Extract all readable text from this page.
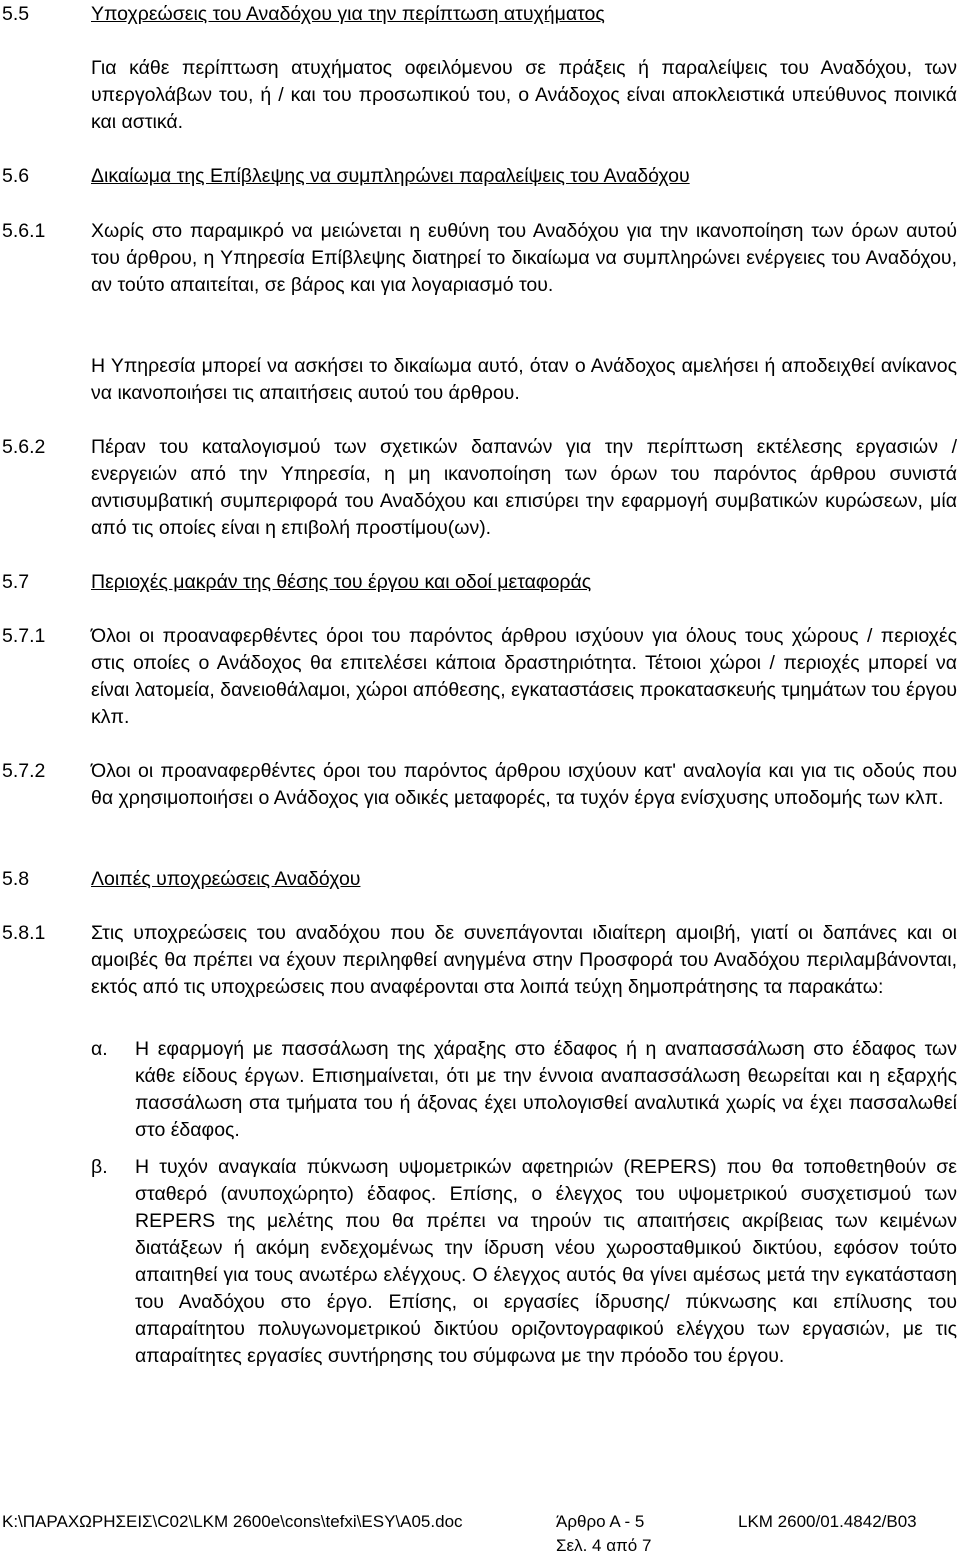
5.5	Υποχρεώσεις του Αναδόχου για την περίπτωση ατυχήματος
Για κάθε περίπτωση ατυχήματος οφειλόμενου σε πράξεις ή παραλείψεις του Αναδόχου, των υπεργολάβων του, ή / και του προσωπικού του, ο Ανάδοχος είναι αποκλειστικά υπεύθυνος ποινικά και αστικά.
5.6	Δικαίωμα της Επίβλεψης να συμπληρώνει παραλείψεις του Αναδόχου
5.6.1 Χωρίς στο παραμικρό να μειώνεται η ευθύνη του Αναδόχου για την ικανοποίηση των όρων αυτού του άρθρου, η Υπηρεσία Επίβλεψης διατηρεί το δικαίωμα να συμπληρώνει ενέργειες του Αναδόχου, αν τούτο απαιτείται, σε βάρος και για λογαριασμό του.
Η Υπηρεσία μπορεί να ασκήσει το δικαίωμα αυτό, όταν ο Ανάδοχος αμελήσει ή αποδειχθεί ανίκανος να ικανοποιήσει τις απαιτήσεις αυτού του άρθρου.
5.6.2 Πέραν του καταλογισμού των σχετικών δαπανών για την περίπτωση εκτέλεσης εργασιών / ενεργειών από την Υπηρεσία, η μη ικανοποίηση των όρων του παρόντος άρθρου συνιστά αντισυμβατική συμπεριφορά του Αναδόχου και επισύρει την εφαρμογή συμβατικών κυρώσεων, μία από τις οποίες είναι η επιβολή προστίμου(ων).
5.7	Περιοχές μακράν της θέσης του έργου και οδοί μεταφοράς
5.7.1 Όλοι οι προαναφερθέντες όροι του παρόντος άρθρου ισχύουν για όλους τους χώρους / περιοχές στις οποίες ο Ανάδοχος θα επιτελέσει κάποια δραστηριότητα. Τέτοιοι χώροι / περιοχές μπορεί να είναι λατομεία, δανειοθάλαμοι, χώροι απόθεσης, εγκαταστάσεις προκατασκευής τμημάτων του έργου κλπ.
5.7.2 Όλοι οι προαναφερθέντες όροι του παρόντος άρθρου ισχύουν κατ' αναλογία και για τις οδούς που θα χρησιμοποιήσει ο Ανάδοχος για οδικές μεταφορές, τα τυχόν έργα ενίσχυσης υποδομής των κλπ.
5.8	Λοιπές υποχρεώσεις Αναδόχου
5.8.1 Στις υποχρεώσεις του αναδόχου που δε συνεπάγονται ιδιαίτερη αμοιβή, γιατί οι δαπάνες και οι αμοιβές θα πρέπει να έχουν περιληφθεί ανηγμένα στην Προσφορά του Αναδόχου περιλαμβάνονται, εκτός από τις υποχρεώσεις που αναφέρονται στα λοιπά τεύχη δημοπράτησης τα παρακάτω:
α. Η εφαρμογή με πασσάλωση της χάραξης στο έδαφος ή η αναπασσάλωση στο έδαφος των κάθε είδους έργων. Επισημαίνεται, ότι με την έννοια αναπασσάλωση θεωρείται και η εξαρχής πασσάλωση στα τμήματα του ή άξονας έχει υπολογισθεί αναλυτικά χωρίς να έχει πασσαλωθεί στο έδαφος.
β. Η τυχόν αναγκαία πύκνωση υψομετρικών αφετηριών (REPERS) που θα τοποθετηθούν σε σταθερό (ανυποχώρητο) έδαφος. Επίσης, ο έλεγχος του υψομετρικού συσχετισμού των REPERS της μελέτης που θα πρέπει να τηρούν τις απαιτήσεις ακρίβειας των κειμένων διατάξεων ή ακόμη ενδεχομένως την ίδρυση νέου χωροσταθμικού δικτύου, εφόσον τούτο απαιτηθεί για τους ανωτέρω ελέγχους. Ο έλεγχος αυτός θα γίνει αμέσως μετά την εγκατάσταση του Αναδόχου στο έργο. Επίσης, οι εργασίες ίδρυσης/ πύκνωσης και επίλυσης του απαραίτητου πολυγωνομετρικού δικτύου οριζοντογραφικού ελέγχου των εργασιών, με τις απαραίτητες εργασίες συντήρησης του σύμφωνα με την πρόοδο του έργου.
K:\ΠΑΡΑΧΩΡΗΣΕΙΣ\C02\LKM 2600e\cons\tefxi\ESY\A05.doc	Άρθρο Α - 5	LKM 2600/01.4842/B03
Σελ. 4 από 7
